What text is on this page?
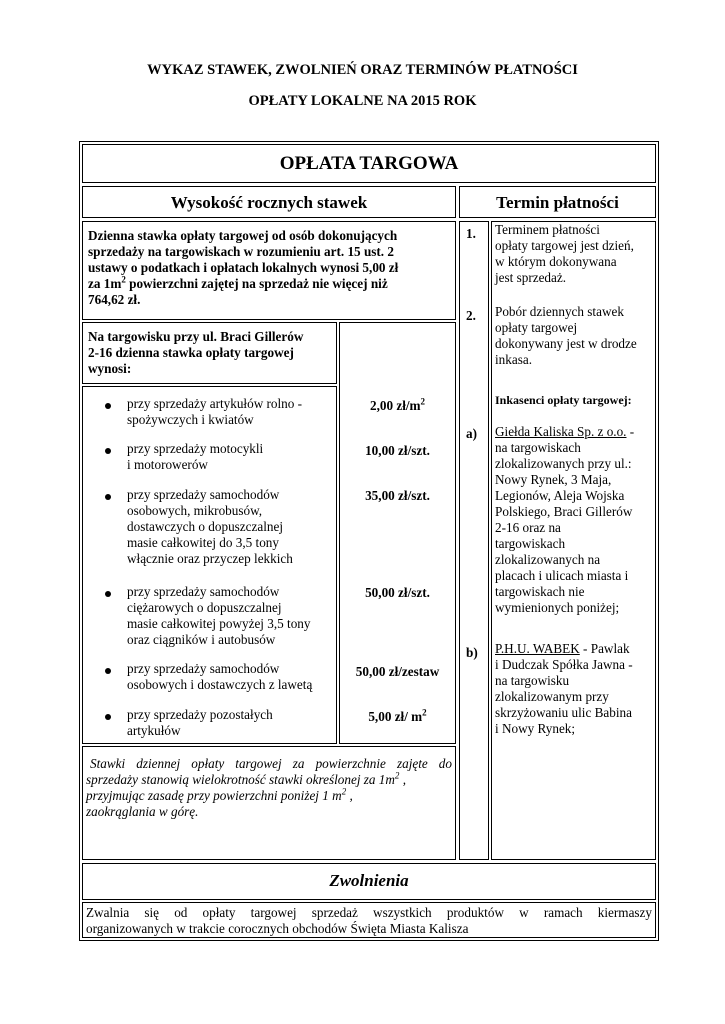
WYKAZ STAWEK, ZWOLNIEŃ ORAZ TERMINÓW PŁATNOŚCI
OPŁATY LOKALNE NA 2015 ROK
OPŁATA TARGOWA
Wysokość rocznych stawek	Termin płatności
Dzienna stawka opłaty targowej od osób dokonujących
sprzedaży na targowiskach w rozumieniu art. 15 ust. 2
ustawy o podatkach i opłatach lokalnych wynosi 5,00 zł
za $1m^2$ powierzchni zajętej na sprzedaż nie więcej niż
764,62 zł.
Na targowisku przy ul. Braci Gillerów
2-16 dzienna stawka opłaty targowej
wynosi:
przy sprzedaży artykułów rolno -
spożywczych i kwiatów
2,00 $zł/m^2$
przy sprzedaży motocykli
i motorowerów
10,00 zł/szt.
przy sprzedaży samochodów
osobowych, mikrobusów,
dostawczych o dopuszczalnej
masie całkowitej do 3,5 tony
włącznie oraz przyczep lekkich
35,00 zł/szt.
przy sprzedaży samochodów
ciężarowych o dopuszczalnej
masie całkowitej powyżej 3,5 tony
oraz ciągników i autobusów
50,00 zł/szt.
przy sprzedaży samochodów
osobowych i dostawczych z lawetą
50,00 zł/zestaw
przy sprzedaży pozostałych
artykułów
5,00 zł/ $m^2$
Stawki dziennej opłaty targowej za powierzchnie zajęte do
sprzedaży stanowią wielokrotność stawki określonej za $1m^2$ ,
przyjmując zasadę przy powierzchni poniżej 1 $m^2$ ,
zaokrąglania w górę.
1.
2.
a)
b)
Terminem płatności
opłaty targowej jest dzień,
w którym dokonywana
jest sprzedaż.
Pobór dziennych stawek
opłaty targowej
dokonywany jest w drodze
inkasa.
Inkasenci opłaty targowej:
Giełda Kaliska Sp. z o.o. -
na targowiskach
zlokalizowanych przy ul.:
Nowy Rynek, 3 Maja,
Legionów, Aleja Wojska
Polskiego, Braci Gillerów
2-16 oraz na
targowiskach
zlokalizowanych na
placach i ulicach miasta i
targowiskach nie
wymienionych poniżej;
P.H.U. WABEK - Pawlak
i Dudczak Spółka Jawna -
na targowisku
zlokalizowanym przy
skrzyżowaniu ulic Babina
i Nowy Rynek;
Zwolnienia
Zwalnia się od opłaty targowej sprzedaż wszystkich produktów w ramach kiermaszy
organizowanych w trakcie corocznych obchodów Święta Miasta Kalisza
